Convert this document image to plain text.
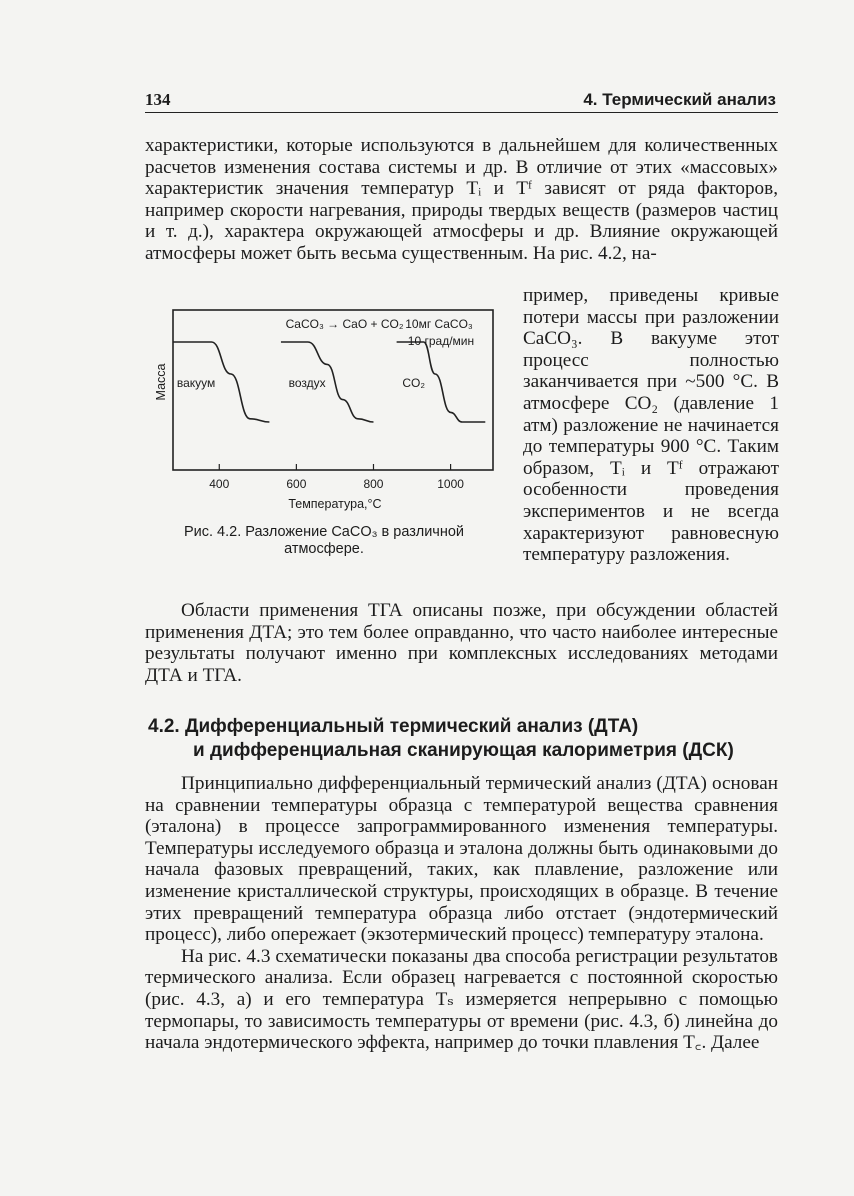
134	4. Термический анализ

характеристики, которые используются в дальнейшем для количественных расчетов изменения состава системы и др. В отличие от этих «массовых» характеристик значения температур Tᵢ и Tᶠ зависят от ряда факторов, например скорости нагревания, природы твердых веществ (размеров частиц и т. д.), характера окружающей атмосферы и др. Влияние окружающей атмосферы может быть весьма существенным. На рис. 4.2, на-

пример, приведены кривые потери массы при разложении CaCO₃. В вакууме этот процесс полностью заканчивается при ~500 °C. В атмосфере CO₂ (давление 1 атм) разложение не начинается до температуры 900 °C. Таким образом, Tᵢ и Tᶠ отражают особенности проведения экспериментов и не всегда характеризуют равновесную температуру разложения.
400	600	800	1000
Температура,°С
Масса вакуум	воздух	CO₂
CaCO₃ → CaO + CO₂ 10мг CaCO₃
10 град/мин
Рис. 4.2. Разложение CaCO₃ в различной
атмосфере.

Области применения ТГА описаны позже, при обсуждении областей применения ДТА; это тем более оправданно, что часто наиболее интересные результаты получают именно при комплексных исследованиях методами ДТА и ТГА.

4.2. Дифференциальный термический анализ (ДТА)
и дифференциальная сканирующая калориметрия (ДСК)

Принципиально дифференциальный термический анализ (ДТА) основан на сравнении температуры образца с температурой вещества сравнения (эталона) в процессе запрограммированного изменения температуры. Температуры исследуемого образца и эталона должны быть одинаковыми до начала фазовых превращений, таких, как плавление, разложение или изменение кристаллической структуры, происходящих в образце. В течение этих превращений температура образца либо отстает (эндотермический процесс), либо опережает (экзотермический процесс) температуру эталона.

На рис. 4.3 схематически показаны два способа регистрации результатов термического анализа. Если образец нагревается с постоянной скоростью (рис. 4.3, а) и его температура Tₛ измеряется непрерывно с помощью термопары, то зависимость температуры от времени (рис. 4.3, б) линейна до начала эндотермического эффекта, например до точки плавления T꜀. Далее
